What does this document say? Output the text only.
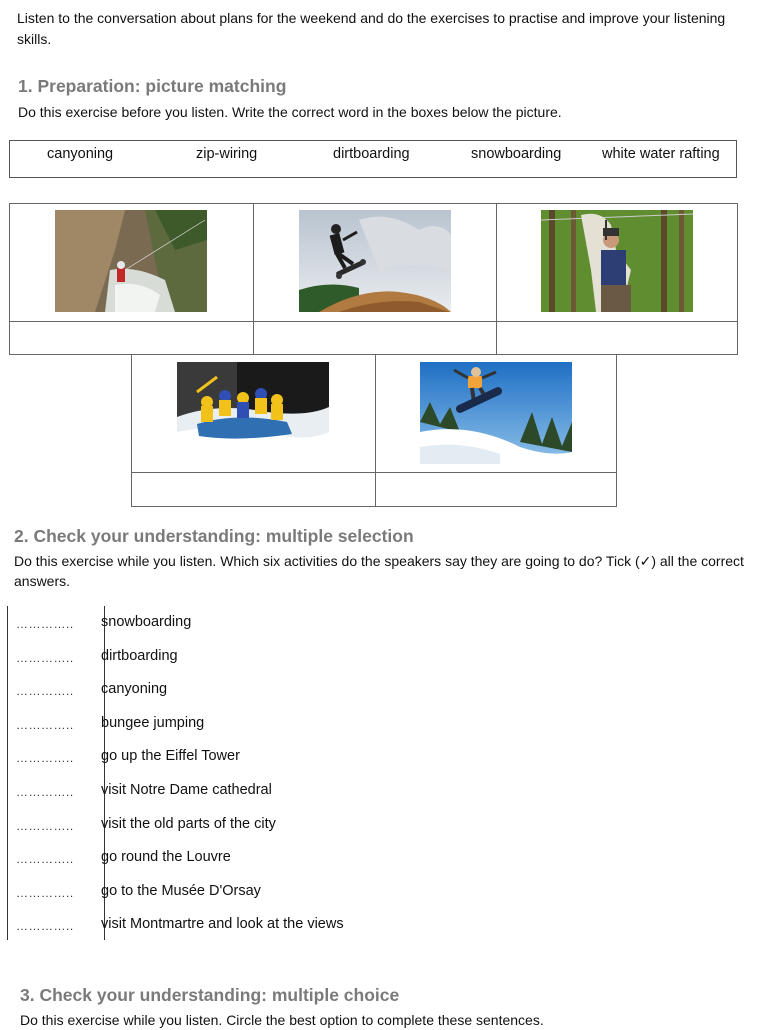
Listen to the conversation about plans for the weekend and do the exercises to practise and improve your listening skills.
1. Preparation: picture matching
Do this exercise before you listen. Write the correct word in the boxes below the picture.
canyoning	zip-wiring	dirtboarding	snowboarding	white water rafting
2. Check your understanding: multiple selection
Do this exercise while you listen. Which six activities do the speakers say they are going to do? Tick (✓) all the correct answers.
………….. snowboarding
………….. dirtboarding
………….. canyoning
………….. bungee jumping
………….. go up the Eiffel Tower
………….. visit Notre Dame cathedral
………….. visit the old parts of the city
………….. go round the Louvre
………….. go to the Musée D'Orsay
………….. visit Montmartre and look at the views
3. Check your understanding: multiple choice
Do this exercise while you listen. Circle the best option to complete these sentences.
